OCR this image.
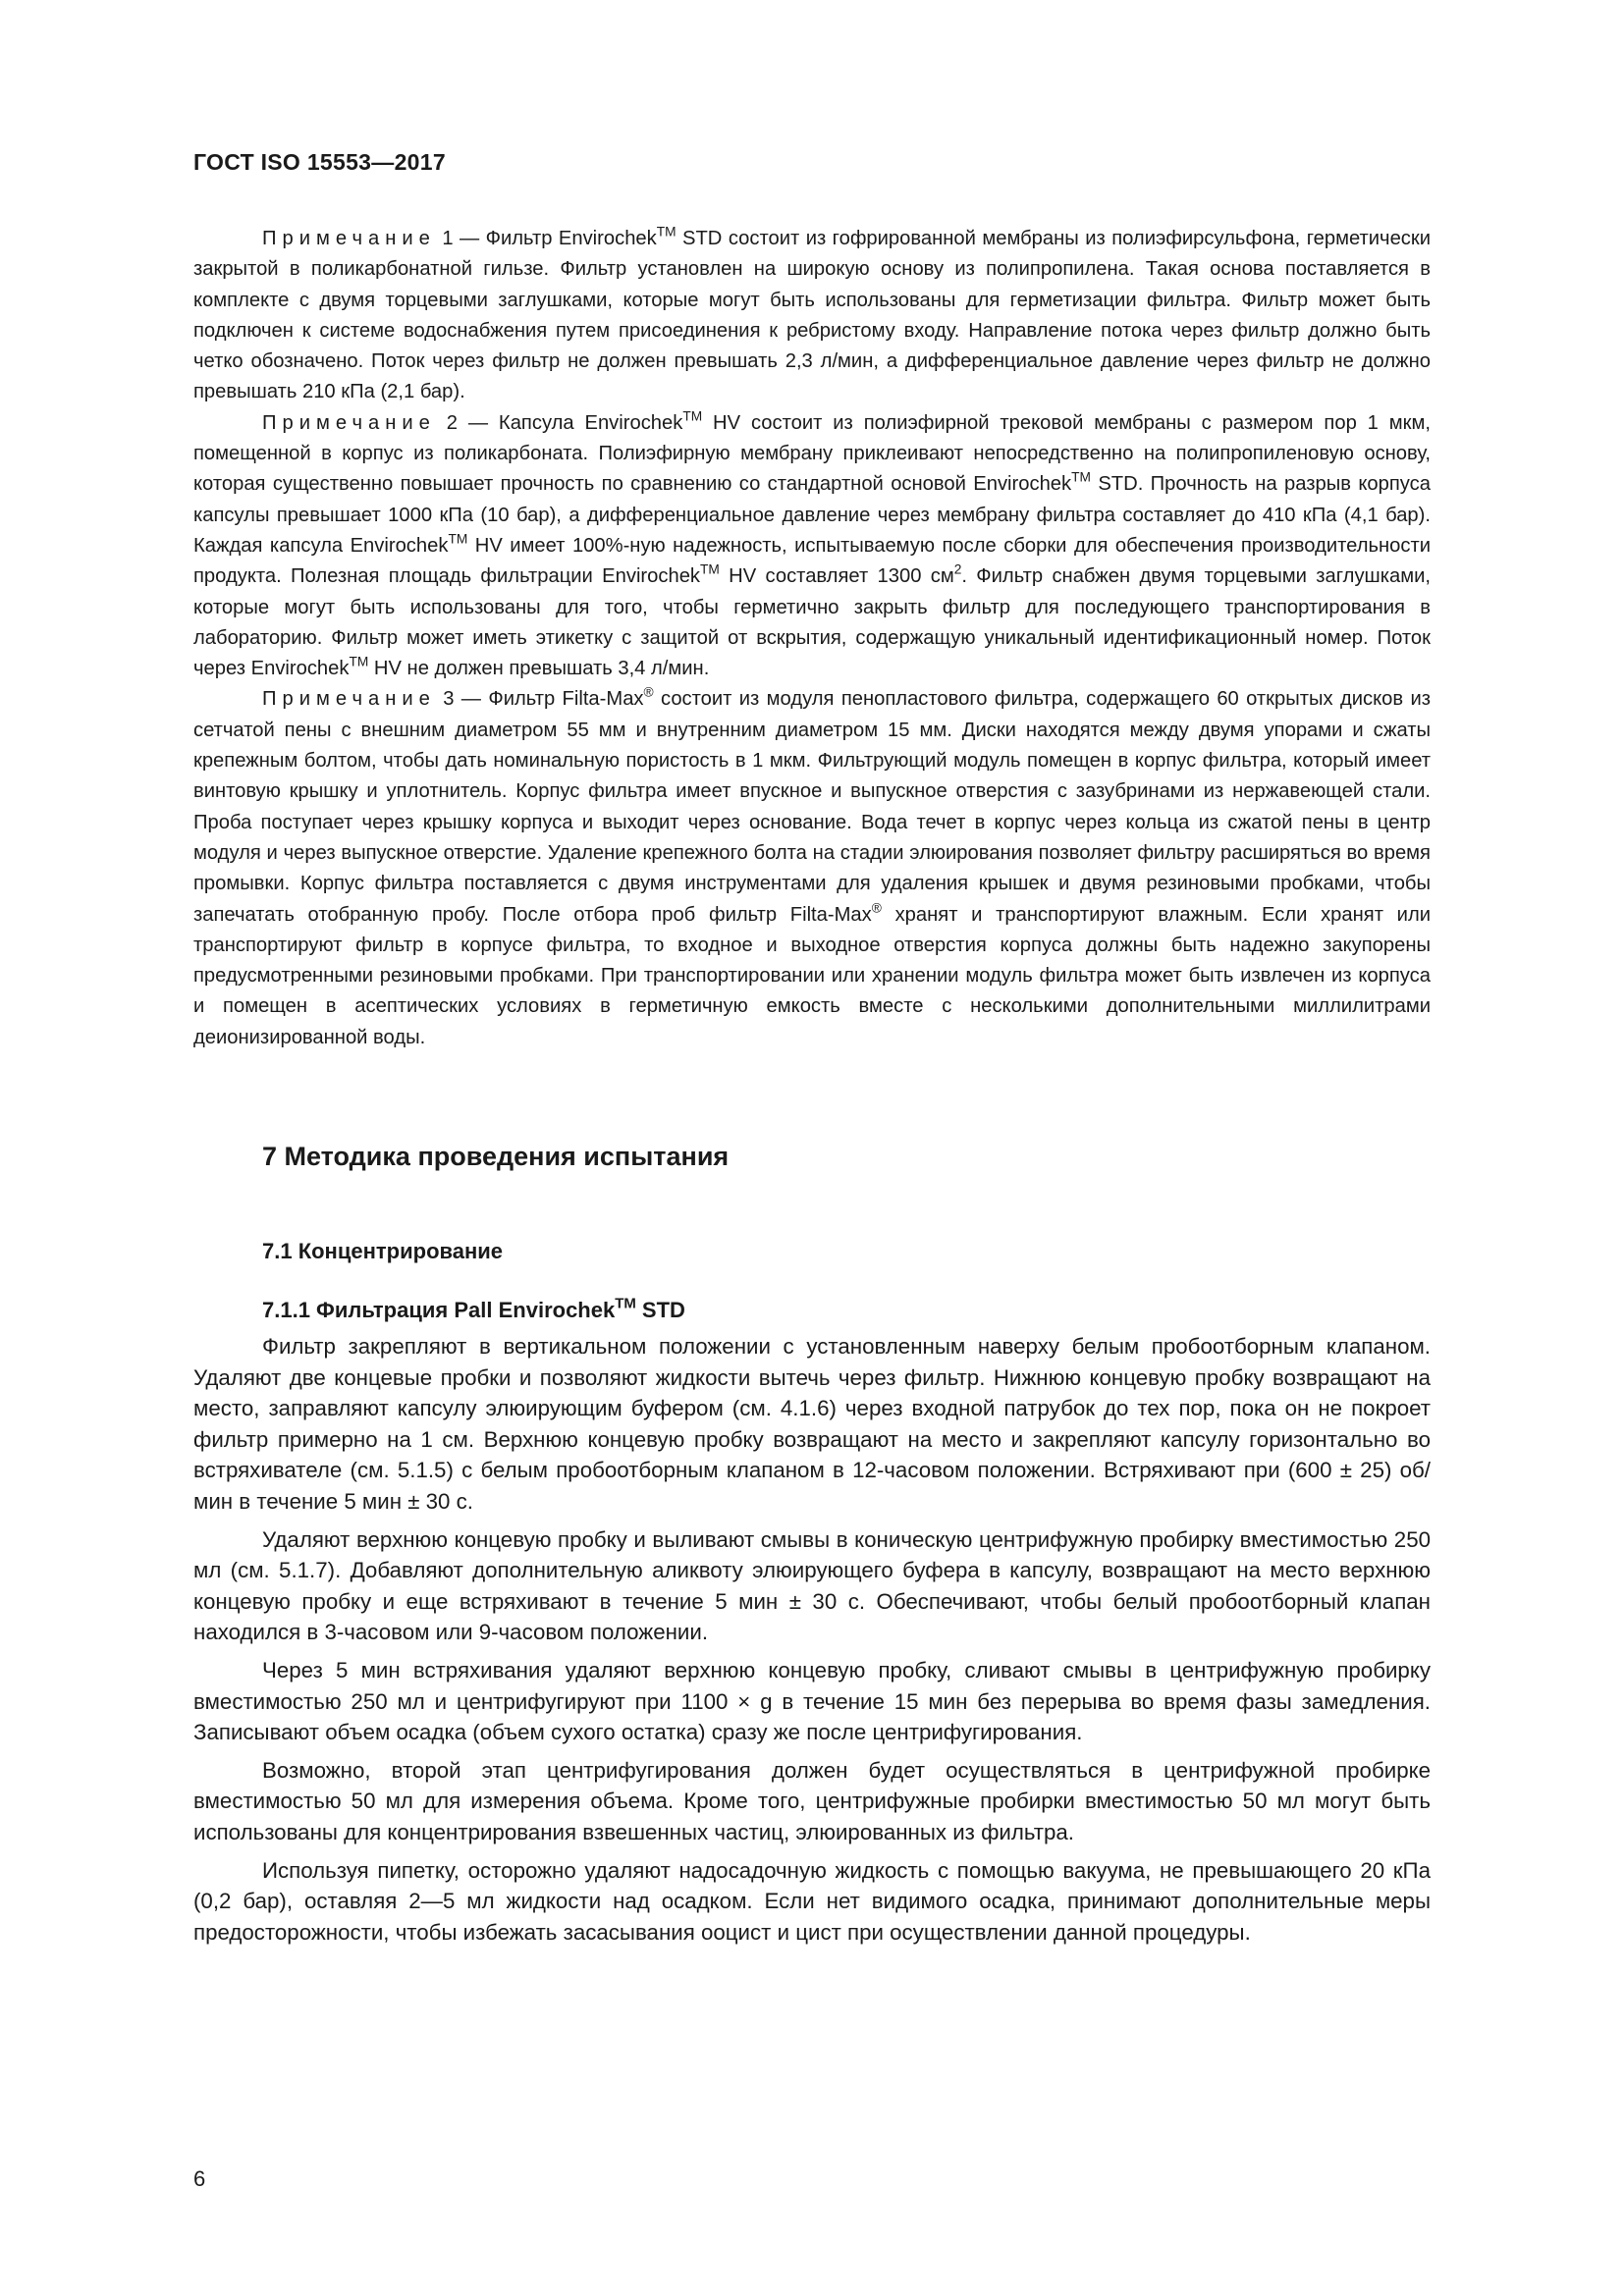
ГОСТ ISO 15553—2017

Примечание 1 — Фильтр Envirochek™ STD состоит из гофрированной мембраны из полиэфирсульфона, герметически закрытой в поликарбонатной гильзе. Фильтр установлен на широкую основу из полипропилена. Такая основа поставляется в комплекте с двумя торцевыми заглушками, которые могут быть использованы для герметизации фильтра. Фильтр может быть подключен к системе водоснабжения путем присоединения к ребристому входу. Направление потока через фильтр должно быть четко обозначено. Поток через фильтр не должен превышать 2,3 л/мин, а дифференциальное давление через фильтр не должно превышать 210 кПа (2,1 бар).

Примечание 2 — Капсула Envirochek™ HV состоит из полиэфирной трековой мембраны с размером пор 1 мкм, помещенной в корпус из поликарбоната. Полиэфирную мембрану приклеивают непосредственно на полипропиленовую основу, которая существенно повышает прочность по сравнению со стандартной основой Envirochek™ STD. Прочность на разрыв корпуса капсулы превышает 1000 кПа (10 бар), а дифференциальное давление через мембрану фильтра составляет до 410 кПа (4,1 бар). Каждая капсула Envirochek™ HV имеет 100%-ную надежность, испытываемую после сборки для обеспечения производительности продукта. Полезная площадь фильтрации Envirochek™ HV составляет 1300 $см^2$. Фильтр снабжен двумя торцевыми заглушками, которые могут быть использованы для того, чтобы герметично закрыть фильтр для последующего транспортирования в лабораторию. Фильтр может иметь этикетку с защитой от вскрытия, содержащую уникальный идентификационный номер. Поток через Envirochek™ HV не должен превышать 3,4 л/мин.

Примечание 3 — Фильтр Filta-Max® состоит из модуля пенопластового фильтра, содержащего 60 открытых дисков из сетчатой пены с внешним диаметром 55 мм и внутренним диаметром 15 мм. Диски находятся между двумя упорами и сжаты крепежным болтом, чтобы дать номинальную пористость в 1 мкм. Фильтрующий модуль помещен в корпус фильтра, который имеет винтовую крышку и уплотнитель. Корпус фильтра имеет впускное и выпускное отверстия с зазубринами из нержавеющей стали. Проба поступает через крышку корпуса и выходит через основание. Вода течет в корпус через кольца из сжатой пены в центр модуля и через выпускное отверстие. Удаление крепежного болта на стадии элюирования позволяет фильтру расширяться во время промывки. Корпус фильтра поставляется с двумя инструментами для удаления крышек и двумя резиновыми пробками, чтобы запечатать отобранную пробу. После отбора проб фильтр Filta-Max® хранят и транспортируют влажным. Если хранят или транспортируют фильтр в корпусе фильтра, то входное и выходное отверстия корпуса должны быть надежно закупорены предусмотренными резиновыми пробками. При транспортировании или хранении модуль фильтра может быть извлечен из корпуса и помещен в асептических условиях в герметичную емкость вместе с несколькими дополнительными миллилитрами деионизированной воды.

7 Методика проведения испытания
7.1 Концентрирование
7.1.1 Фильтрация Pall Envirochek™ STD

Фильтр закрепляют в вертикальном положении с установленным наверху белым пробоотборным клапаном. Удаляют две концевые пробки и позволяют жидкости вытечь через фильтр. Нижнюю концевую пробку возвращают на место, заправляют капсулу элюирующим буфером (см. 4.1.6) через входной патрубок до тех пор, пока он не покроет фильтр примерно на 1 см. Верхнюю концевую пробку возвращают на место и закрепляют капсулу горизонтально во встряхивателе (см. 5.1.5) с белым пробоотборным клапаном в 12-часовом положении. Встряхивают при (600 ± 25) об/мин в течение 5 мин ± 30 с.

Удаляют верхнюю концевую пробку и выливают смывы в коническую центрифужную пробирку вместимостью 250 мл (см. 5.1.7). Добавляют дополнительную аликвоту элюирующего буфера в капсулу, возвращают на место верхнюю концевую пробку и еще встряхивают в течение 5 мин ± 30 с. Обеспечивают, чтобы белый пробоотборный клапан находился в 3-часовом или 9-часовом положении.

Через 5 мин встряхивания удаляют верхнюю концевую пробку, сливают смывы в центрифужную пробирку вместимостью 250 мл и центрифугируют при 1100 × g в течение 15 мин без перерыва во время фазы замедления. Записывают объем осадка (объем сухого остатка) сразу же после центрифугирования.

Возможно, второй этап центрифугирования должен будет осуществляться в центрифужной пробирке вместимостью 50 мл для измерения объема. Кроме того, центрифужные пробирки вместимостью 50 мл могут быть использованы для концентрирования взвешенных частиц, элюированных из фильтра.

Используя пипетку, осторожно удаляют надосадочную жидкость с помощью вакуума, не превышающего 20 кПа (0,2 бар), оставляя 2—5 мл жидкости над осадком. Если нет видимого осадка, принимают дополнительные меры предосторожности, чтобы избежать засасывания ооцист и цист при осуществлении данной процедуры.

6
